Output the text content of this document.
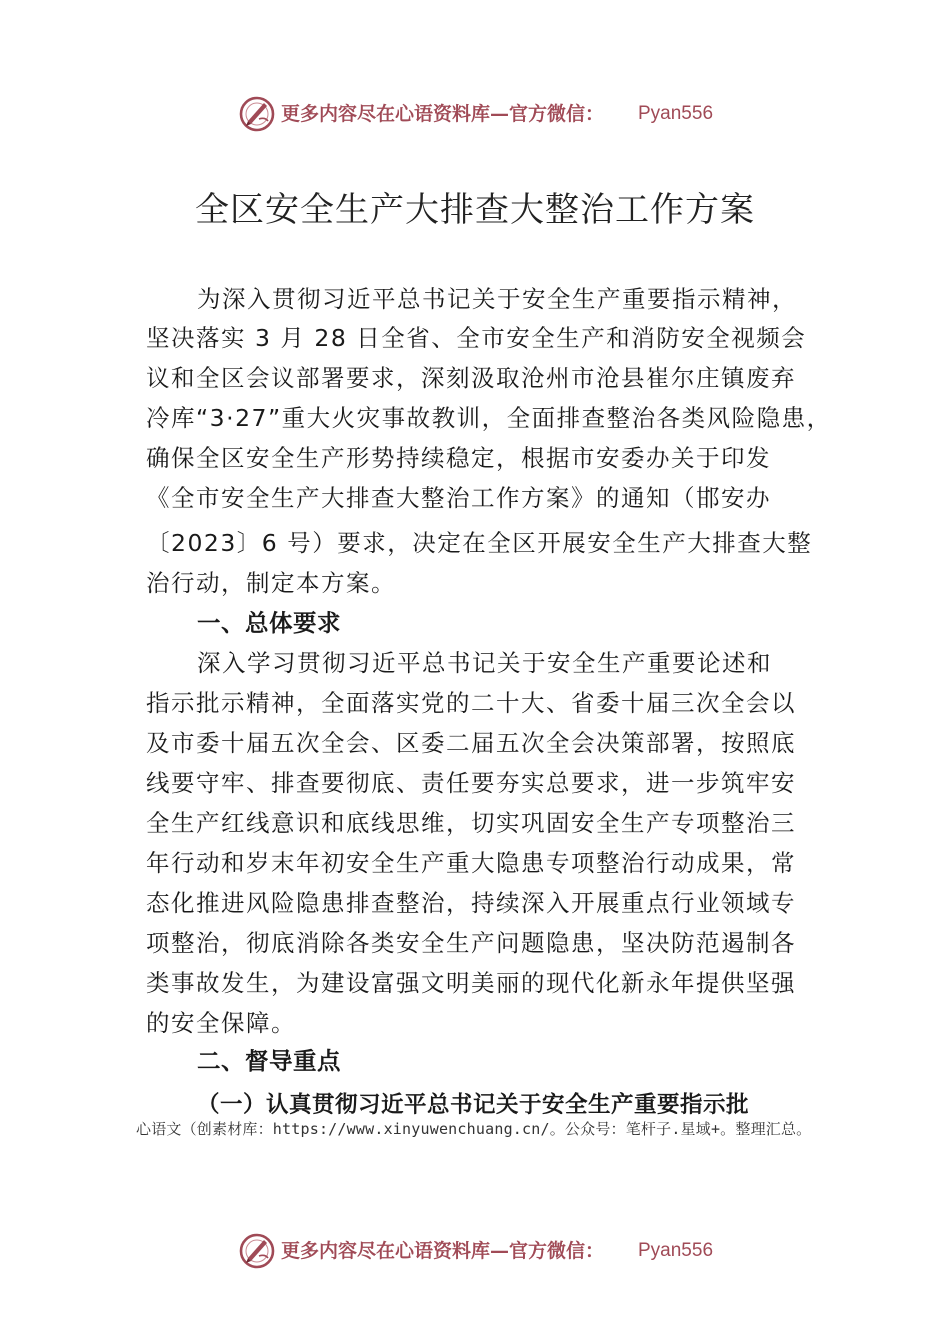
更多内容尽在心语资料库—官方微信： Pyan556
全区安全生产大排查大整治工作方案
为深入贯彻习近平总书记关于安全生产重要指示精神，
坚决落实 3 月 28 日全省、全市安全生产和消防安全视频会
议和全区会议部署要求，深刻汲取沧州市沧县崔尔庄镇废弃
冷库“3·27”重大火灾事故教训，全面排查整治各类风险隐患，
确保全区安全生产形势持续稳定，根据市安委办关于印发
《全市安全生产大排查大整治工作方案》的通知（邯安办
〔2023〕6 号）要求，决定在全区开展安全生产大排查大整
治行动，制定本方案。
一、总体要求
深入学习贯彻习近平总书记关于安全生产重要论述和
指示批示精神，全面落实党的二十大、省委十届三次全会以
及市委十届五次全会、区委二届五次全会决策部署，按照底
线要守牢、排查要彻底、责任要夯实总要求，进一步筑牢安
全生产红线意识和底线思维，切实巩固安全生产专项整治三
年行动和岁末年初安全生产重大隐患专项整治行动成果，常
态化推进风险隐患排查整治，持续深入开展重点行业领域专
项整治，彻底消除各类安全生产问题隐患，坚决防范遏制各
类事故发生，为建设富强文明美丽的现代化新永年提供坚强
的安全保障。
二、督导重点
（一）认真贯彻习近平总书记关于安全生产重要指示批
心语文（创素材库：https://www.xinyuwenchuang.cn/。公众号：笔杆子.星域+。整理汇总。
更多内容尽在心语资料库—官方微信： Pyan556
